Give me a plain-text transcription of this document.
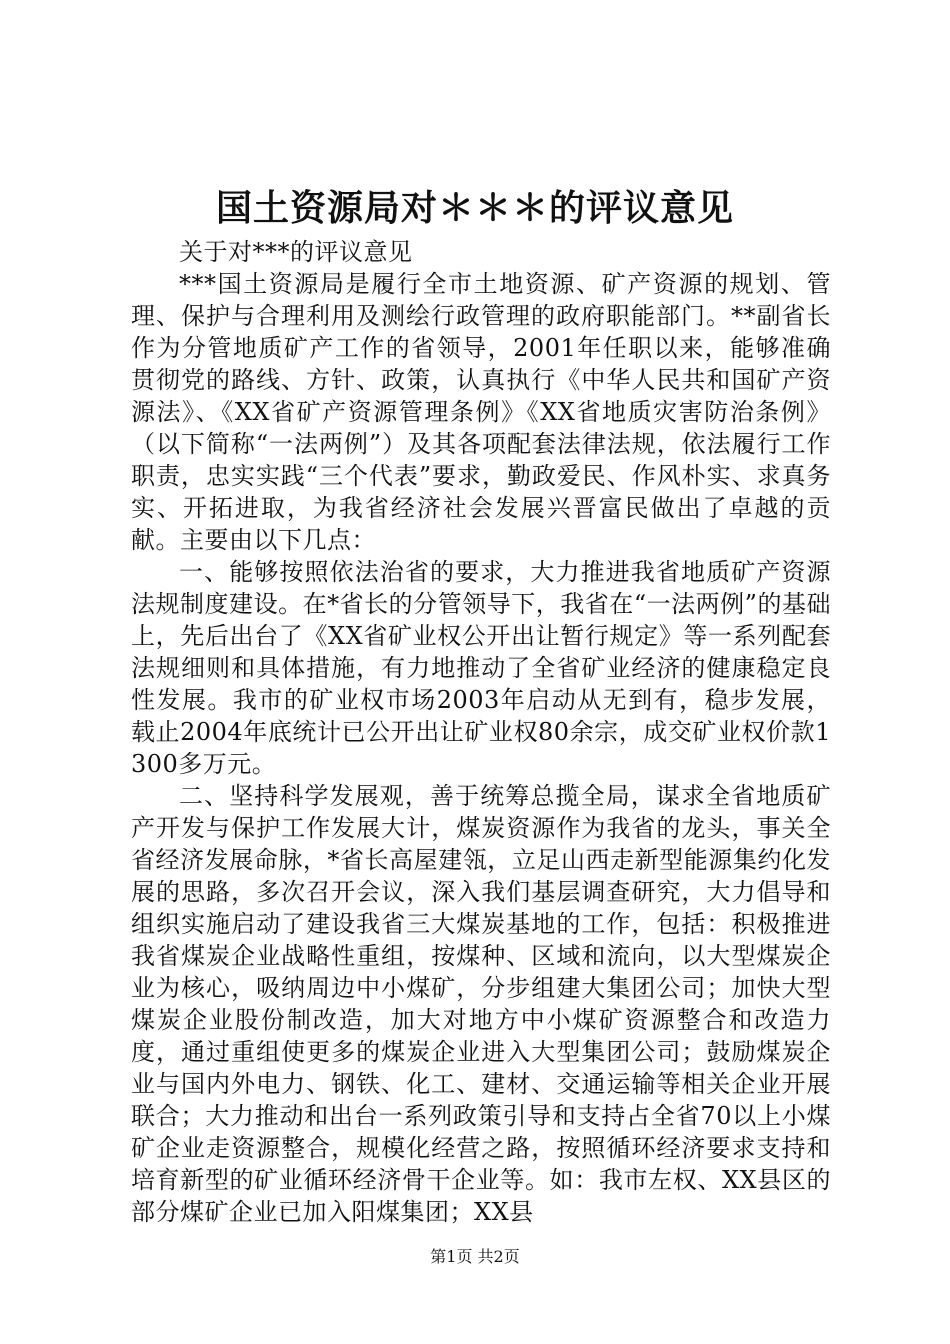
国土资源局对＊＊＊的评议意见

关于对***的评议意见

***国土资源局是履行全市土地资源、矿产资源的规划、管理、保护与合理利用及测绘行政管理的政府职能部门。**副省长作为分管地质矿产工作的省领导，2001年任职以来，能够准确贯彻党的路线、方针、政策，认真执行《中华人民共和国矿产资源法》、《XX省矿产资源管理条例》《XX省地质灾害防治条例》（以下简称“一法两例”）及其各项配套法律法规，依法履行工作职责，忠实实践“三个代表”要求，勤政爱民、作风朴实、求真务实、开拓进取，为我省经济社会发展兴晋富民做出了卓越的贡献。主要由以下几点：

一、能够按照依法治省的要求，大力推进我省地质矿产资源法规制度建设。在*省长的分管领导下，我省在“一法两例”的基础上，先后出台了《XX省矿业权公开出让暂行规定》等一系列配套法规细则和具体措施，有力地推动了全省矿业经济的健康稳定良性发展。我市的矿业权市场2003年启动从无到有，稳步发展，载止2004年底统计已公开出让矿业权80余宗，成交矿业权价款1300多万元。

二、坚持科学发展观，善于统筹总揽全局，谋求全省地质矿产开发与保护工作发展大计，煤炭资源作为我省的龙头，事关全省经济发展命脉，*省长高屋建瓴，立足山西走新型能源集约化发展的思路，多次召开会议，深入我们基层调查研究，大力倡导和组织实施启动了建设我省三大煤炭基地的工作，包括：积极推进我省煤炭企业战略性重组，按煤种、区域和流向，以大型煤炭企业为核心，吸纳周边中小煤矿，分步组建大集团公司；加快大型煤炭企业股份制改造，加大对地方中小煤矿资源整合和改造力度，通过重组使更多的煤炭企业进入大型集团公司；鼓励煤炭企业与国内外电力、钢铁、化工、建材、交通运输等相关企业开展联合；大力推动和出台一系列政策引导和支持占全省70以上小煤矿企业走资源整合，规模化经营之路，按照循环经济要求支持和培育新型的矿业循环经济骨干企业等。如：我市左权、XX县区的部分煤矿企业已加入阳煤集团；XX县

第1页 共2页
